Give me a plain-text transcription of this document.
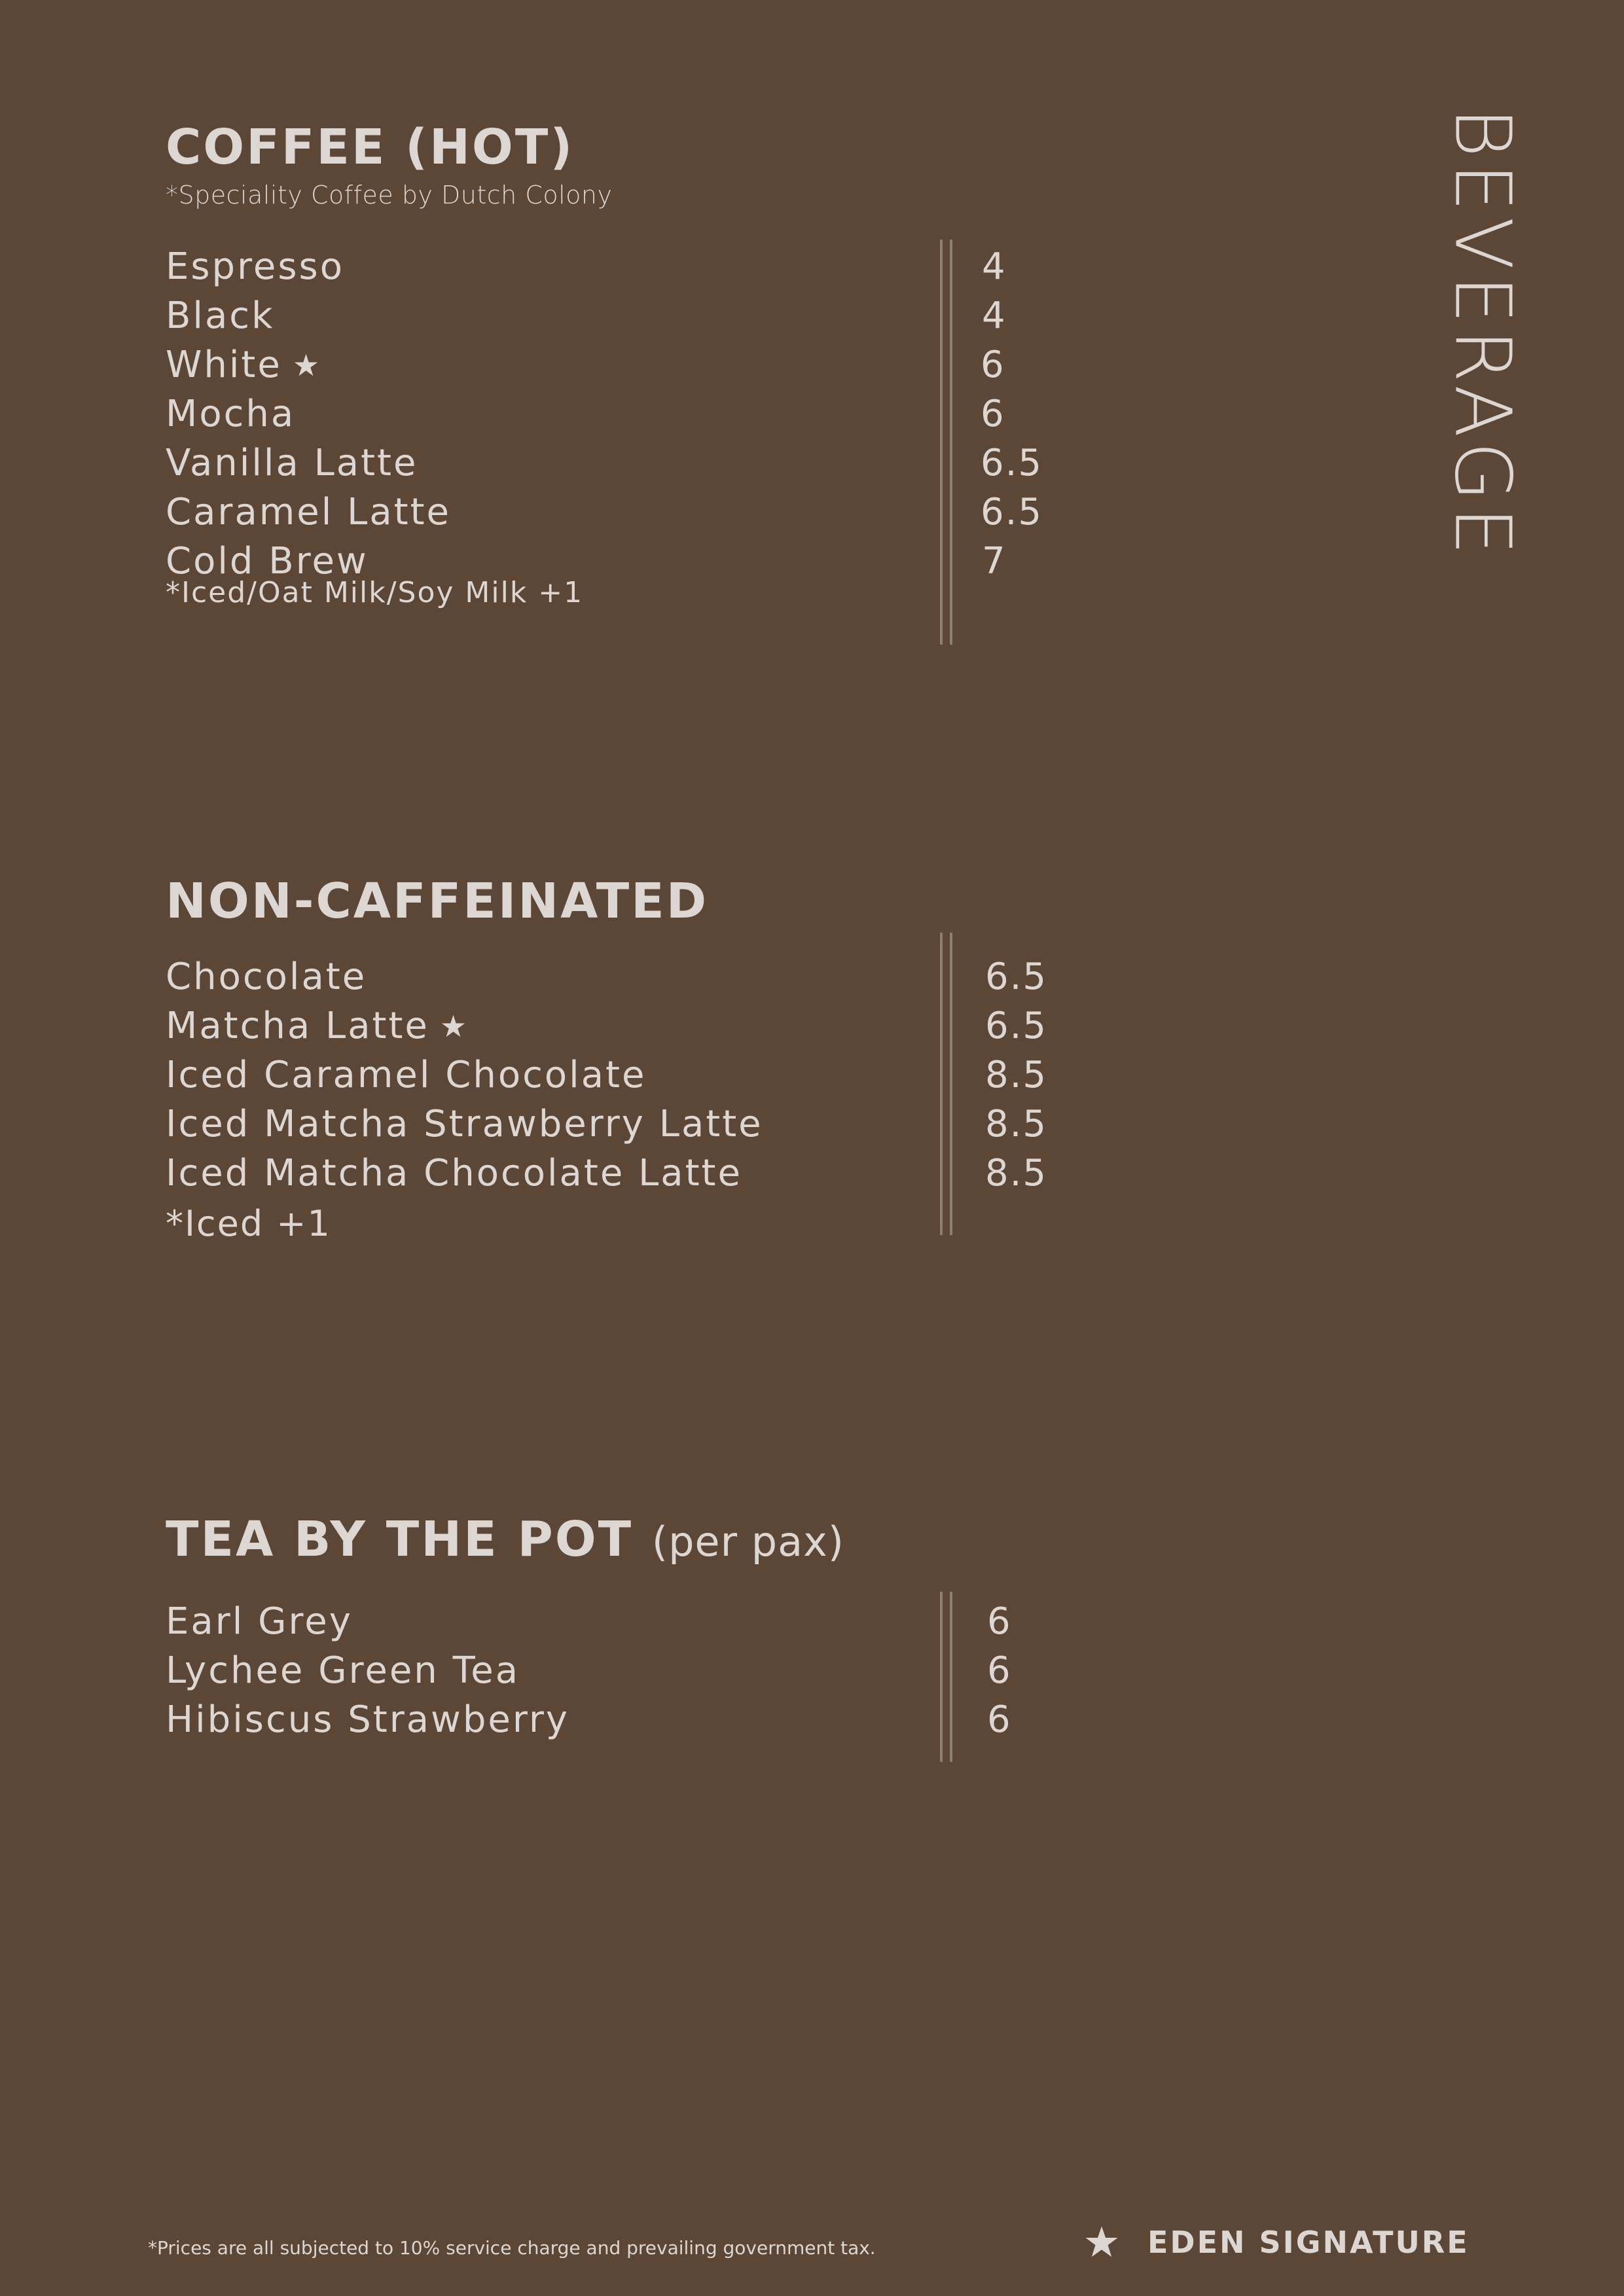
BEVERAGE
COFFEE (HOT)
*Speciality Coffee by Dutch Colony
Espresso	4
Black	4
White ★	6
Mocha	6
Vanilla Latte	6.5
Caramel Latte	6.5
Cold Brew	7
*Iced/Oat Milk/Soy Milk +1
NON-CAFFEINATED
Chocolate	6.5
Matcha Latte ★	6.5
Iced Caramel Chocolate	8.5
Iced Matcha Strawberry Latte	8.5
Iced Matcha Chocolate Latte	8.5
*Iced +1
TEA BY THE POT (per pax)
Earl Grey	6
Lychee Green Tea	6
Hibiscus Strawberry	6
*Prices are all subjected to 10% service charge and prevailing government tax.	EDEN SIGNATURE
